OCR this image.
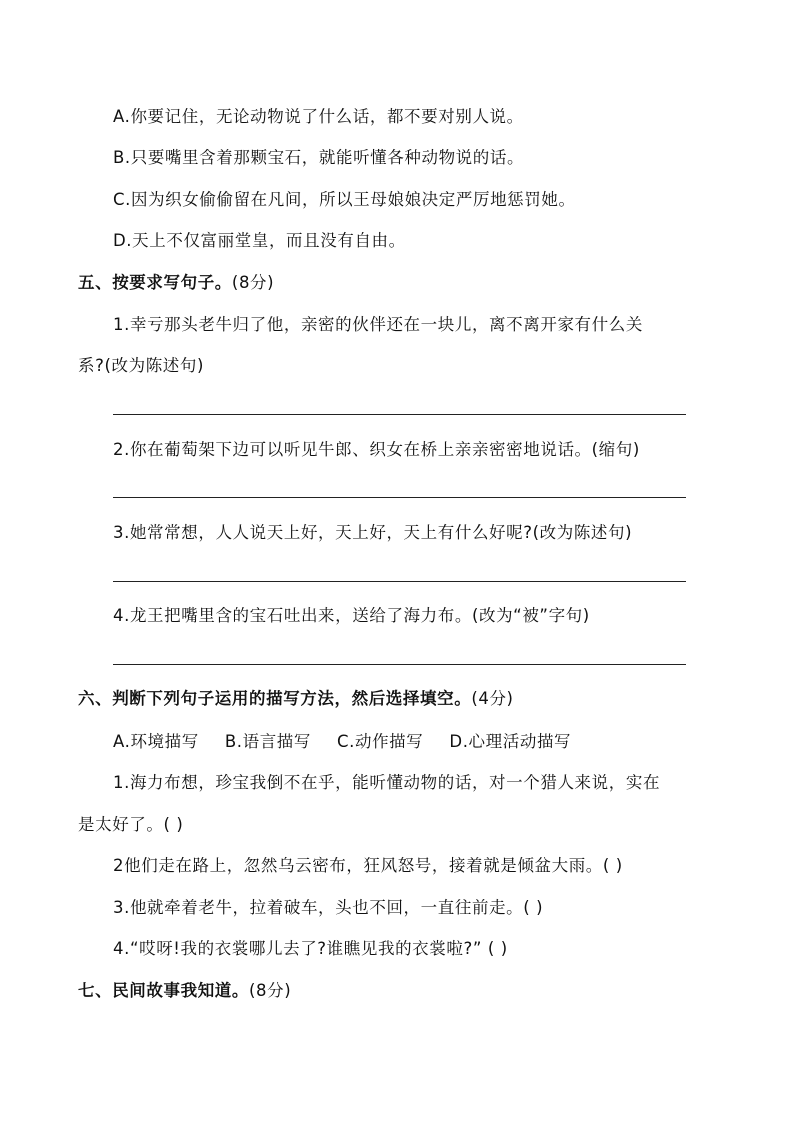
A.你要记住，无论动物说了什么话，都不要对别人说。
B.只要嘴里含着那颗宝石，就能听懂各种动物说的话。
C.因为织女偷偷留在凡间，所以王母娘娘决定严厉地惩罚她。
D.天上不仅富丽堂皇，而且没有自由。
五、按要求写句子。(8分)
1.幸亏那头老牛归了他，亲密的伙伴还在一块儿，离不离开家有什么关
系?(改为陈述句)
2.你在葡萄架下边可以听见牛郎、织女在桥上亲亲密密地说话。(缩句)
3.她常常想，人人说天上好，天上好，天上有什么好呢?(改为陈述句)
4.龙王把嘴里含的宝石吐出来，送给了海力布。(改为“被”字句)
六、判断下列句子运用的描写方法，然后选择填空。(4分)
A.环境描写 B.语言描写 C.动作描写 D.心理活动描写
1.海力布想，珍宝我倒不在乎，能听懂动物的话，对一个猎人来说，实在
是太好了。( )
2他们走在路上，忽然乌云密布，狂风怒号，接着就是倾盆大雨。( )
3.他就牵着老牛，拉着破车，头也不回，一直往前走。( )
4.“哎呀!我的衣裳哪儿去了?谁瞧见我的衣裳啦?” ( )
七、民间故事我知道。(8分)
